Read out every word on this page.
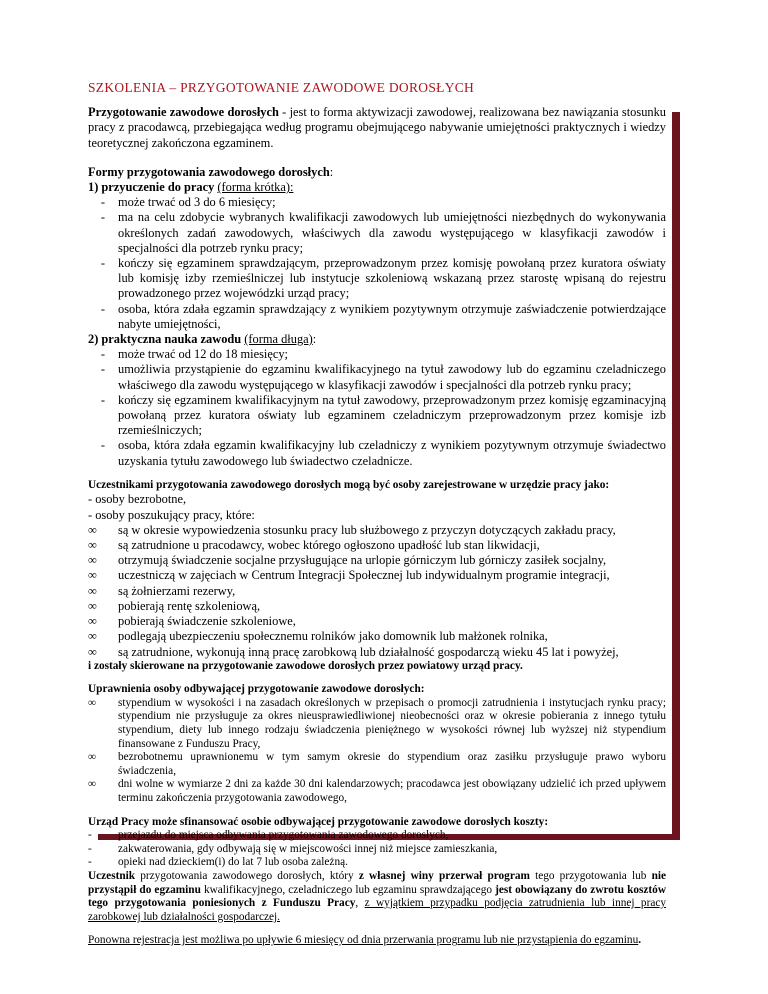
SZKOLENIA – PRZYGOTOWANIE ZAWODOWE DOROSŁYCH

Przygotowanie zawodowe dorosłych - jest to forma aktywizacji zawodowej, realizowana bez nawiązania stosunku pracy z pracodawcą, przebiegająca według programu obejmującego nabywanie umiejętności praktycznych i wiedzy teoretycznej zakończona egzaminem.

Formy przygotowania zawodowego dorosłych:

1) przyuczenie do pracy (forma krótka):

-	może trwać od 3 do 6 miesięcy;
-	ma na celu zdobycie wybranych kwalifikacji zawodowych lub umiejętności niezbędnych do wykonywania określonych zadań zawodowych, właściwych dla zawodu występującego w klasyfikacji zawodów i specjalności dla potrzeb rynku pracy;
-	kończy się egzaminem sprawdzającym, przeprowadzonym przez komisję powołaną przez kuratora oświaty lub komisję izby rzemieślniczej lub instytucje szkoleniową wskazaną przez starostę wpisaną do rejestru prowadzonego przez wojewódzki urząd pracy;
-	osoba, która zdała egzamin sprawdzający z wynikiem pozytywnym otrzymuje zaświadczenie potwierdzające nabyte umiejętności,

2) praktyczna nauka zawodu (forma długa):

-	może trwać od 12 do 18 miesięcy;
-	umożliwia przystąpienie do egzaminu kwalifikacyjnego na tytuł zawodowy lub do egzaminu czeladniczego właściwego dla zawodu występującego w klasyfikacji zawodów i specjalności dla potrzeb rynku pracy;
-	kończy się egzaminem kwalifikacyjnym na tytuł zawodowy, przeprowadzonym przez komisję egzaminacyjną powołaną przez kuratora oświaty lub egzaminem czeladniczym przeprowadzonym przez komisje izb rzemieślniczych;
-	osoba, która zdała egzamin kwalifikacyjny lub czeladniczy z wynikiem pozytywnym otrzymuje świadectwo uzyskania tytułu zawodowego lub świadectwo czeladnicze.

Uczestnikami przygotowania zawodowego dorosłych mogą być osoby zarejestrowane w urzędzie pracy jako:

- osoby bezrobotne,

- osoby poszukujący pracy, które:

∞	są w okresie wypowiedzenia stosunku pracy lub służbowego z przyczyn dotyczących zakładu pracy,
∞	są zatrudnione u pracodawcy, wobec którego ogłoszono upadłość lub stan likwidacji,
∞	otrzymują świadczenie socjalne przysługujące na urlopie górniczym lub górniczy zasiłek socjalny,
∞	uczestniczą w zajęciach w Centrum Integracji Społecznej lub indywidualnym programie integracji,
∞	są żołnierzami rezerwy,
∞	pobierają rentę szkoleniową,
∞	pobierają świadczenie szkoleniowe,
∞	podlegają ubezpieczeniu społecznemu rolników jako domownik lub małżonek rolnika,
∞	są zatrudnione, wykonują inną pracę zarobkową lub działalność gospodarczą wieku 45 lat i powyżej,

i zostały skierowane na przygotowanie zawodowe dorosłych przez powiatowy urząd pracy.

Uprawnienia osoby odbywającej przygotowanie zawodowe dorosłych:

∞	stypendium w wysokości i na zasadach określonych w przepisach o promocji zatrudnienia i instytucjach rynku pracy; stypendium nie przysługuje za okres nieusprawiedliwionej nieobecności oraz w okresie pobierania z innego tytułu stypendium, diety lub innego rodzaju świadczenia pieniężnego w wysokości równej lub wyższej niż stypendium finansowane z Funduszu Pracy,
∞	bezrobotnemu uprawnionemu w tym samym okresie do stypendium oraz zasiłku przysługuje prawo wyboru świadczenia,
∞	dni wolne w wymiarze 2 dni za każde 30 dni kalendarzowych; pracodawca jest obowiązany udzielić ich przed upływem terminu zakończenia przygotowania zawodowego,

Urząd Pracy może sfinansować osobie odbywającej przygotowanie zawodowe dorosłych koszty:

-	przejazdu do miejsca odbywania przygotowania zawodowego dorosłych,
-	zakwaterowania, gdy odbywają się w miejscowości innej niż miejsce zamieszkania,
-	opieki nad dzieckiem(i) do lat 7 lub osoba zależną.

Uczestnik przygotowania zawodowego dorosłych, który z własnej winy przerwał program tego przygotowania lub nie przystąpił do egzaminu kwalifikacyjnego, czeladniczego lub egzaminu sprawdzającego jest obowiązany do zwrotu kosztów tego przygotowania poniesionych z Funduszu Pracy, z wyjątkiem przypadku podjęcia zatrudnienia lub innej pracy zarobkowej lub działalności gospodarczej.

Ponowna rejestracja jest możliwa po upływie 6 miesięcy od dnia przerwania programu lub nie przystąpienia do egzaminu.
